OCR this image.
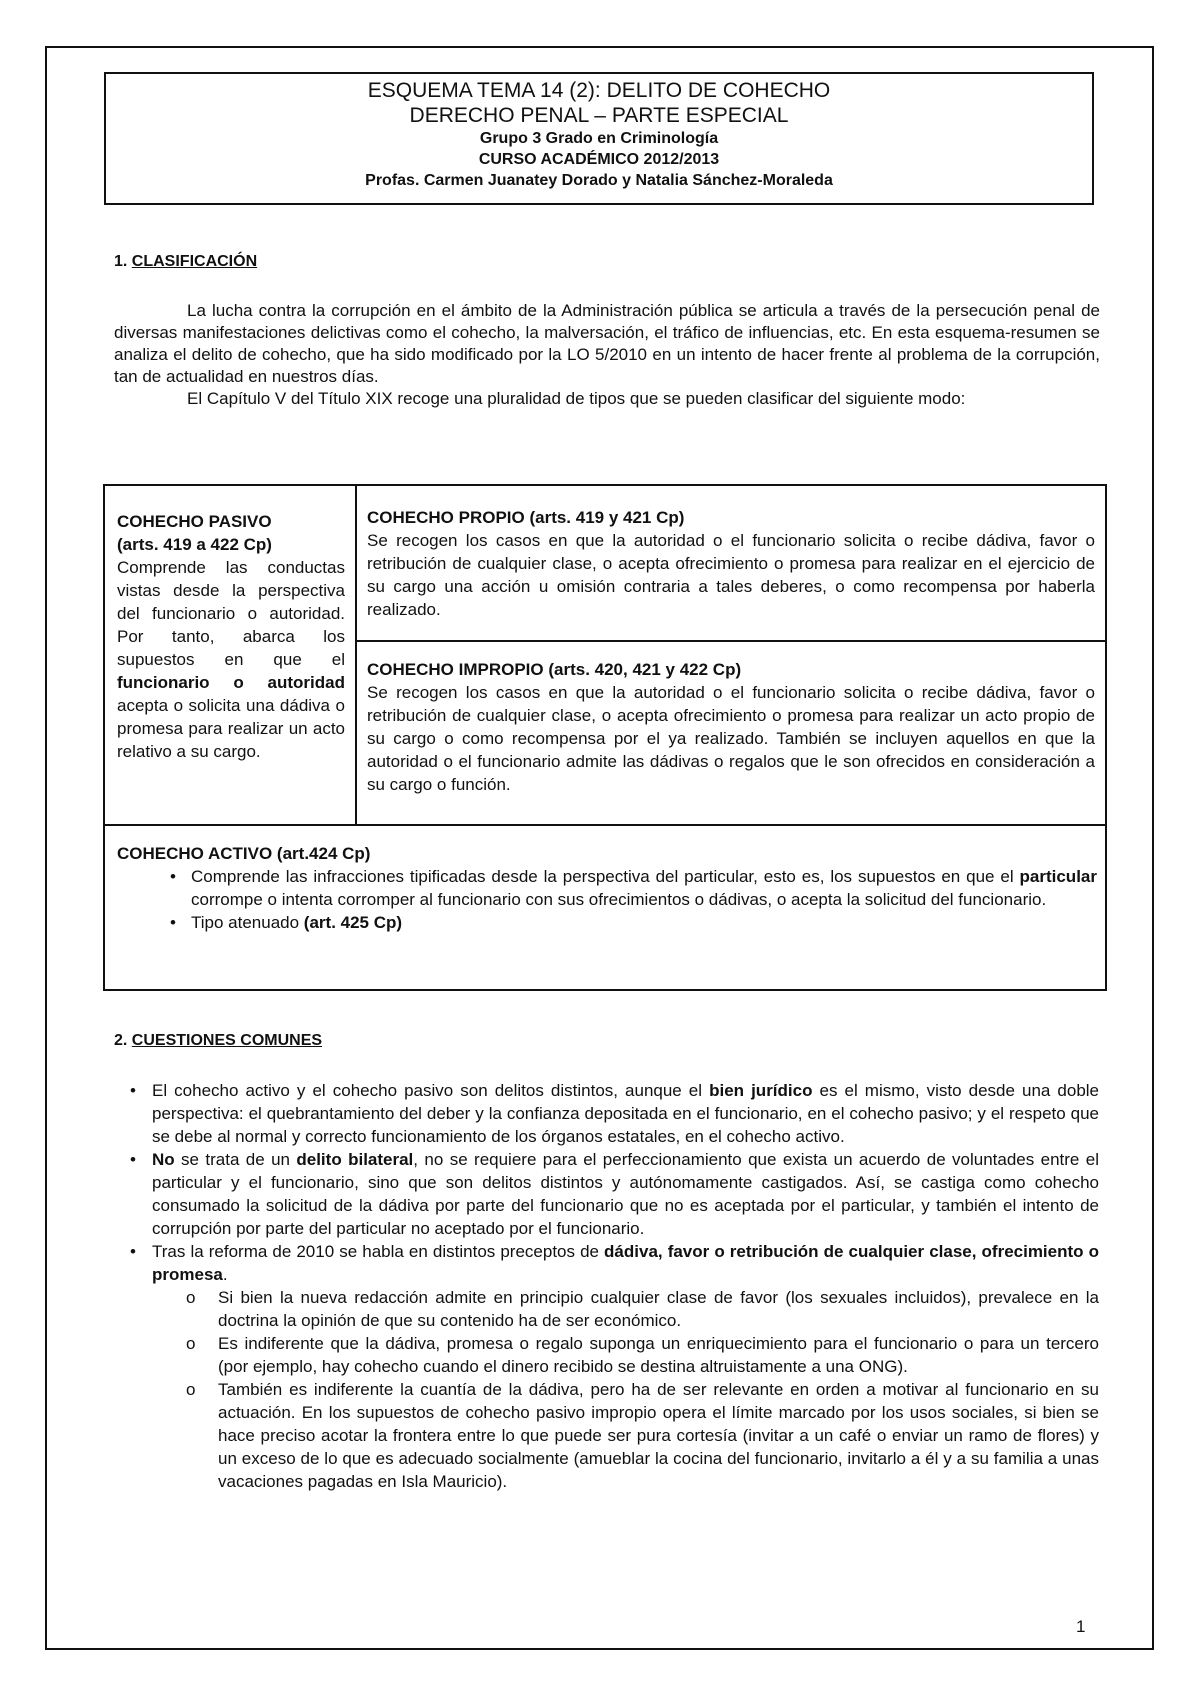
ESQUEMA TEMA 14 (2): DELITO DE COHECHO
DERECHO PENAL – PARTE ESPECIAL
Grupo 3 Grado en Criminología
CURSO ACADÉMICO 2012/2013
Profas. Carmen Juanatey Dorado y Natalia Sánchez-Moraleda
1. CLASIFICACIÓN
La lucha contra la corrupción en el ámbito de la Administración pública se articula a través de la persecución penal de diversas manifestaciones delictivas como el cohecho, la malversación, el tráfico de influencias, etc. En esta esquema-resumen se analiza el delito de cohecho, que ha sido modificado por la LO 5/2010 en un intento de hacer frente al problema de la corrupción, tan de actualidad en nuestros días.
El Capítulo V del Título XIX recoge una pluralidad de tipos que se pueden clasificar del siguiente modo:
COHECHO PASIVO
(arts. 419 a 422 Cp)
Comprende las conductas vistas desde la perspectiva del funcionario o autoridad. Por tanto, abarca los supuestos en que el funcionario o autoridad acepta o solicita una dádiva o promesa para realizar un acto relativo a su cargo.
COHECHO PROPIO (arts. 419 y 421 Cp)
Se recogen los casos en que la autoridad o el funcionario solicita o recibe dádiva, favor o retribución de cualquier clase, o acepta ofrecimiento o promesa para realizar en el ejercicio de su cargo una acción u omisión contraria a tales deberes, o como recompensa por haberla realizado.
COHECHO IMPROPIO (arts. 420, 421 y 422 Cp)
Se recogen los casos en que la autoridad o el funcionario solicita o recibe dádiva, favor o retribución de cualquier clase, o acepta ofrecimiento o promesa para realizar un acto propio de su cargo o como recompensa por el ya realizado. También se incluyen aquellos en que la autoridad o el funcionario admite las dádivas o regalos que le son ofrecidos en consideración a su cargo o función.
COHECHO ACTIVO (art.424 Cp)
• Comprende las infracciones tipificadas desde la perspectiva del particular, esto es, los supuestos en que el particular corrompe o intenta corromper al funcionario con sus ofrecimientos o dádivas, o acepta la solicitud del funcionario.
• Tipo atenuado (art. 425 Cp)
2. CUESTIONES COMUNES
• El cohecho activo y el cohecho pasivo son delitos distintos, aunque el bien jurídico es el mismo, visto desde una doble perspectiva: el quebrantamiento del deber y la confianza depositada en el funcionario, en el cohecho pasivo; y el respeto que se debe al normal y correcto funcionamiento de los órganos estatales, en el cohecho activo.
• No se trata de un delito bilateral, no se requiere para el perfeccionamiento que exista un acuerdo de voluntades entre el particular y el funcionario, sino que son delitos distintos y autónomamente castigados. Así, se castiga como cohecho consumado la solicitud de la dádiva por parte del funcionario que no es aceptada por el particular, y también el intento de corrupción por parte del particular no aceptado por el funcionario.
• Tras la reforma de 2010 se habla en distintos preceptos de dádiva, favor o retribución de cualquier clase, ofrecimiento o promesa.
o Si bien la nueva redacción admite en principio cualquier clase de favor (los sexuales incluidos), prevalece en la doctrina la opinión de que su contenido ha de ser económico.
o Es indiferente que la dádiva, promesa o regalo suponga un enriquecimiento para el funcionario o para un tercero (por ejemplo, hay cohecho cuando el dinero recibido se destina altruistamente a una ONG).
o También es indiferente la cuantía de la dádiva, pero ha de ser relevante en orden a motivar al funcionario en su actuación. En los supuestos de cohecho pasivo impropio opera el límite marcado por los usos sociales, si bien se hace preciso acotar la frontera entre lo que puede ser pura cortesía (invitar a un café o enviar un ramo de flores) y un exceso de lo que es adecuado socialmente (amueblar la cocina del funcionario, invitarlo a él y a su familia a unas vacaciones pagadas en Isla Mauricio).
1
